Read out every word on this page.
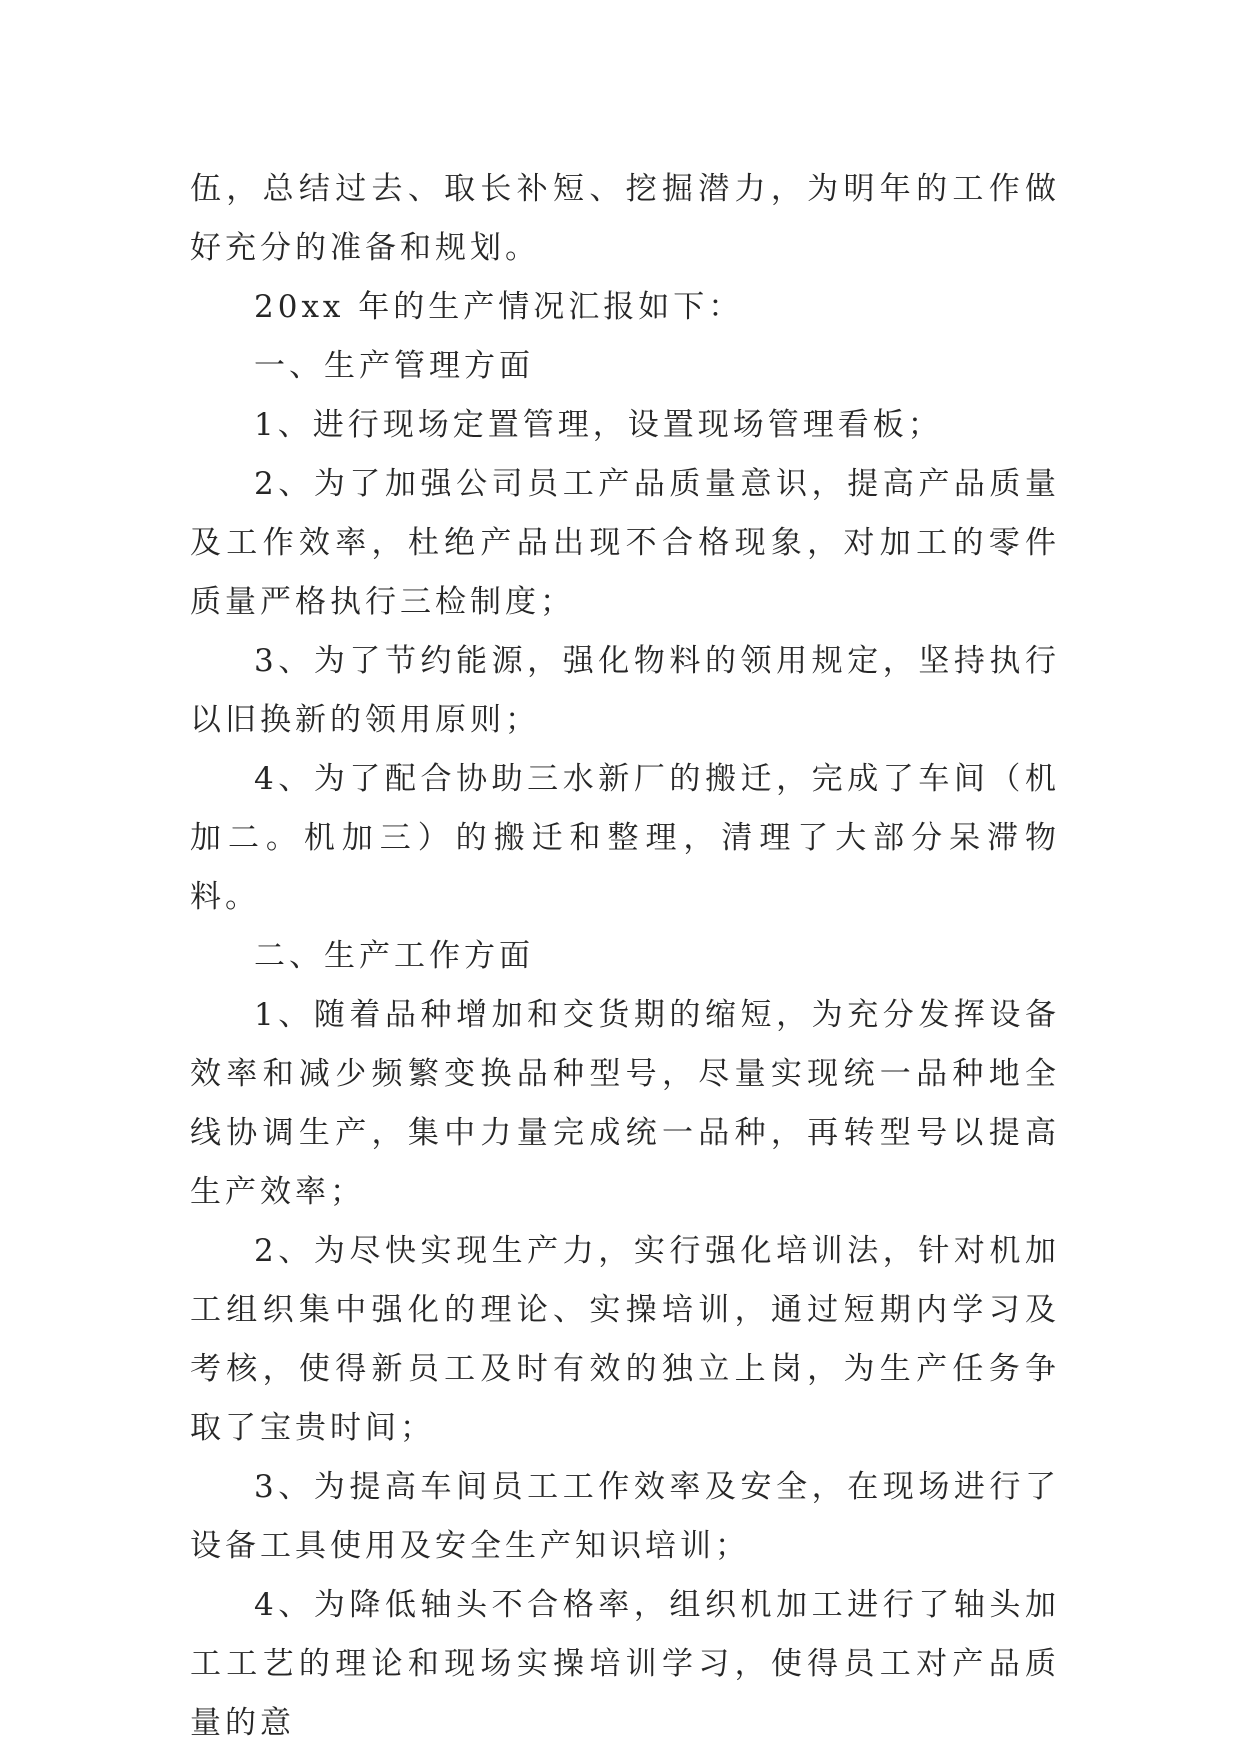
伍，总结过去、取长补短、挖掘潜力，为明年的工作做好充分的准备和规划。

20xx 年的生产情况汇报如下：

一、生产管理方面

1、进行现场定置管理，设置现场管理看板；

2、为了加强公司员工产品质量意识，提高产品质量及工作效率，杜绝产品出现不合格现象，对加工的零件质量严格执行三检制度；

3、为了节约能源，强化物料的领用规定，坚持执行以旧换新的领用原则；

4、为了配合协助三水新厂的搬迁，完成了车间（机加二。机加三）的搬迁和整理，清理了大部分呆滞物料。

二、生产工作方面

1、随着品种增加和交货期的缩短，为充分发挥设备效率和减少频繁变换品种型号，尽量实现统一品种地全线协调生产，集中力量完成统一品种，再转型号以提高生产效率；

2、为尽快实现生产力，实行强化培训法，针对机加工组织集中强化的理论、实操培训，通过短期内学习及考核，使得新员工及时有效的独立上岗，为生产任务争取了宝贵时间；

3、为提高车间员工工作效率及安全，在现场进行了设备工具使用及安全生产知识培训；

4、为降低轴头不合格率，组织机加工进行了轴头加工工艺的理论和现场实操培训学习，使得员工对产品质量的意
